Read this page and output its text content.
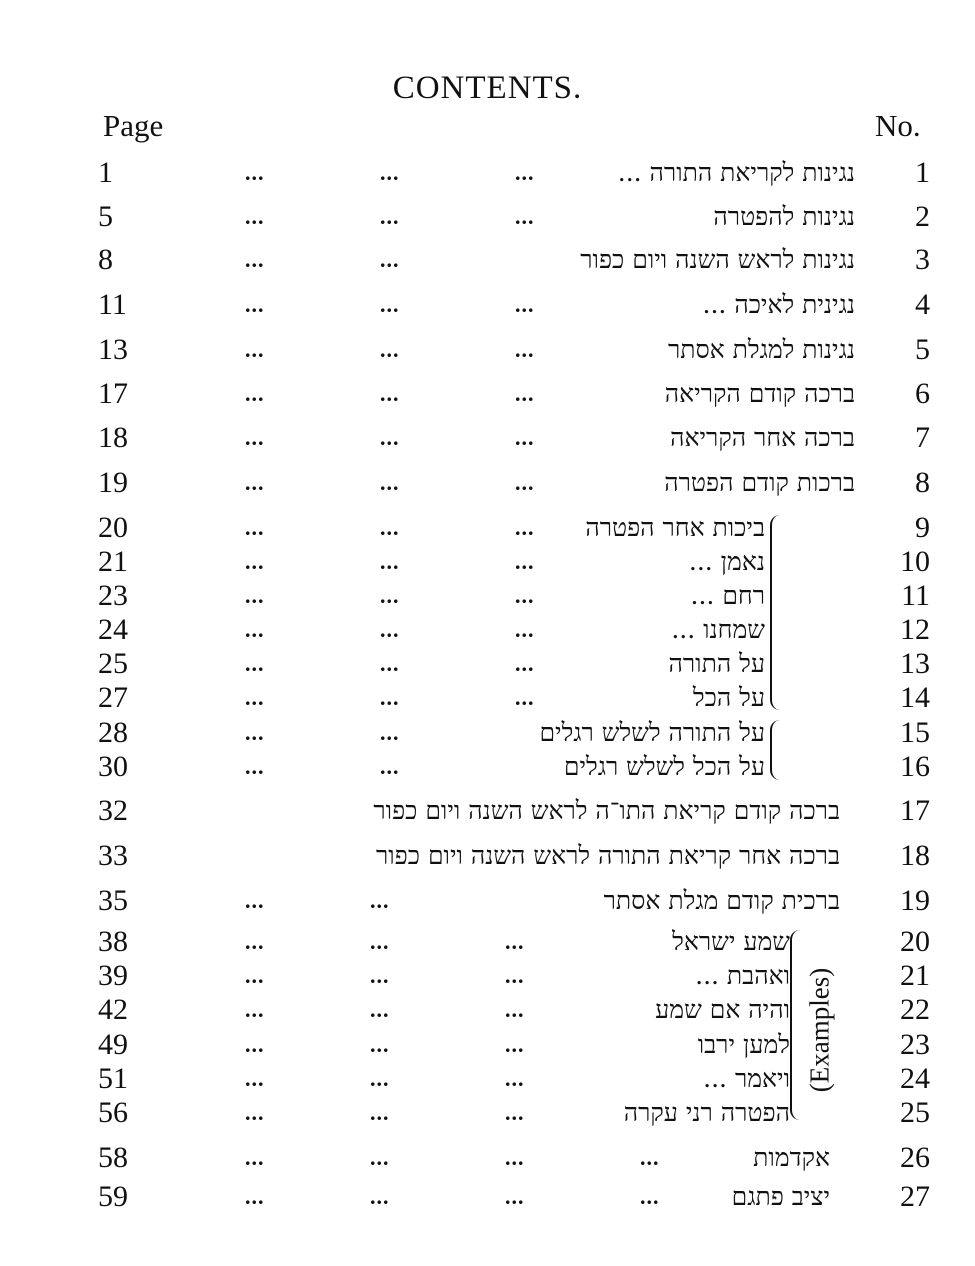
CONTENTS.
Page	No.
1	...	...	...	נגינות לקריאת התורה ...	1
5	...	...	...	נגינות להפטרה	2
8	...	...	נגינות לראש השנה ויום כפור	3
11	...	...	...	נגינית לאיכה ...	4
13	...	...	...	נגינות למגלת אסתר	5
17	...	...	...	ברכה קודם הקריאה	6
18	...	...	...	ברכה אחר הקריאה	7
19	...	...	...	ברכות קודם הפטרה	8
20	...	...	... ביכות אחר הפטרה	9
21	...	...	...	נאמן ...	10
23	...	...	...	רחם ...	11
24	...	...	...	שמחנו ...	12
25	...	...	...	על התורה	13
27	...	...	...	על הכל	14
28	...	...	על התורה לשלש רגלים	15
30	...	...	על הכל לשלש רגלים	16
32	ברכה קודם קריאת התו־ה לראש השנה ויום כפור	17
33	ברכה אחר קריאת התורה לראש השנה ויום כפור	18
35	...	...	ברכית קודם מגלת אסתר	19
38	...	...	...	שמע ישראל	20
39	...	...	...	ואהבת ...	21
42	...	...	...	והיה אם שמע	22
49	...	...	...	למען ירבו	23
51	...	...	...	ויאמר ...	24
56	...	...	...	הפטרה רני עקרה	25
58	...	...	...	...	אקדמות	26
59	...	...	...	...	יציב פתגם	27
(Examples)
